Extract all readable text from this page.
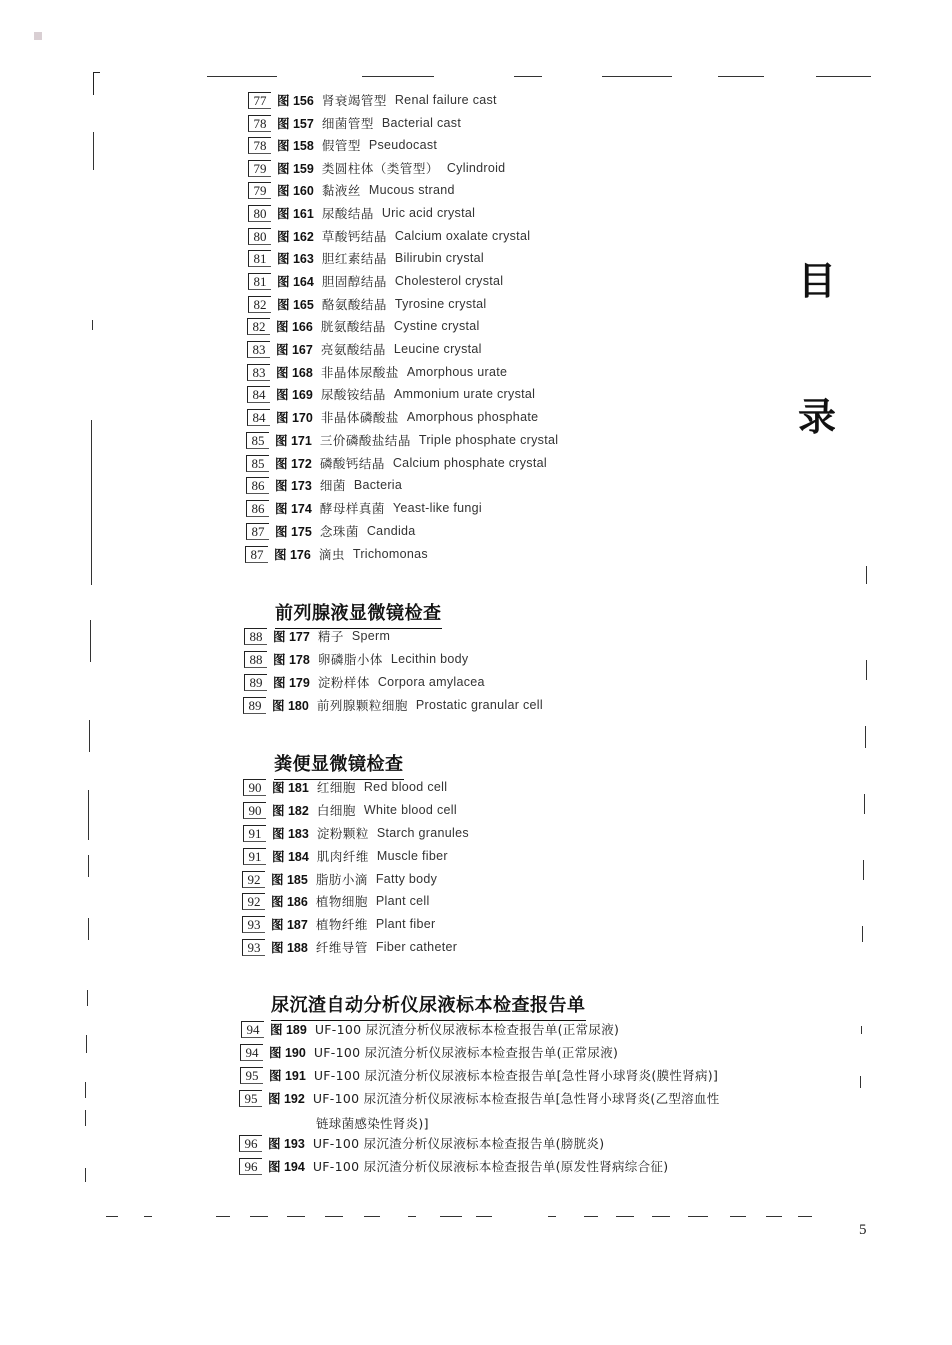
目
录
77 图 156 肾衰竭管型 Renal failure cast
78 图 157 细菌管型 Bacterial cast
78 图 158 假管型 Pseudocast
79 图 159 类圆柱体（类管型） Cylindroid
79 图 160 黏液丝 Mucous strand
80 图 161 尿酸结晶 Uric acid crystal
80 图 162 草酸钙结晶 Calcium oxalate crystal
81 图 163 胆红素结晶 Bilirubin crystal
81 图 164 胆固醇结晶 Cholesterol crystal
82 图 165 酪氨酸结晶 Tyrosine crystal
82 图 166 胱氨酸结晶 Cystine crystal
83 图 167 亮氨酸结晶 Leucine crystal
83 图 168 非晶体尿酸盐 Amorphous urate
84 图 169 尿酸铵结晶 Ammonium urate crystal
84 图 170 非晶体磷酸盐 Amorphous phosphate
85 图 171 三价磷酸盐结晶 Triple phosphate crystal
85 图 172 磷酸钙结晶 Calcium phosphate crystal
86 图 173 细菌 Bacteria
86 图 174 酵母样真菌 Yeast-like fungi
87 图 175 念珠菌 Candida
87 图 176 滴虫 Trichomonas
前列腺液显微镜检查
88 图 177 精子 Sperm
88 图 178 卵磷脂小体 Lecithin body
89 图 179 淀粉样体 Corpora amylacea
89 图 180 前列腺颗粒细胞 Prostatic granular cell
粪便显微镜检查
90 图 181 红细胞 Red blood cell
90 图 182 白细胞 White blood cell
91 图 183 淀粉颗粒 Starch granules
91 图 184 肌肉纤维 Muscle fiber
92 图 185 脂肪小滴 Fatty body
92 图 186 植物细胞 Plant cell
93 图 187 植物纤维 Plant fiber
93 图 188 纤维导管 Fiber catheter
尿沉渣自动分析仪尿液标本检查报告单
94 图 189 UF-100 尿沉渣分析仪尿液标本检查报告单(正常尿液)
94 图 190 UF-100 尿沉渣分析仪尿液标本检查报告单(正常尿液)
95 图 191 UF-100 尿沉渣分析仪尿液标本检查报告单[急性肾小球肾炎(膜性肾病)]
95 图 192 UF-100 尿沉渣分析仪尿液标本检查报告单[急性肾小球肾炎(乙型溶血性
链球菌感染性肾炎)]
96 图 193 UF-100 尿沉渣分析仪尿液标本检查报告单(膀胱炎)
96 图 194 UF-100 尿沉渣分析仪尿液标本检查报告单(原发性肾病综合征)
5
